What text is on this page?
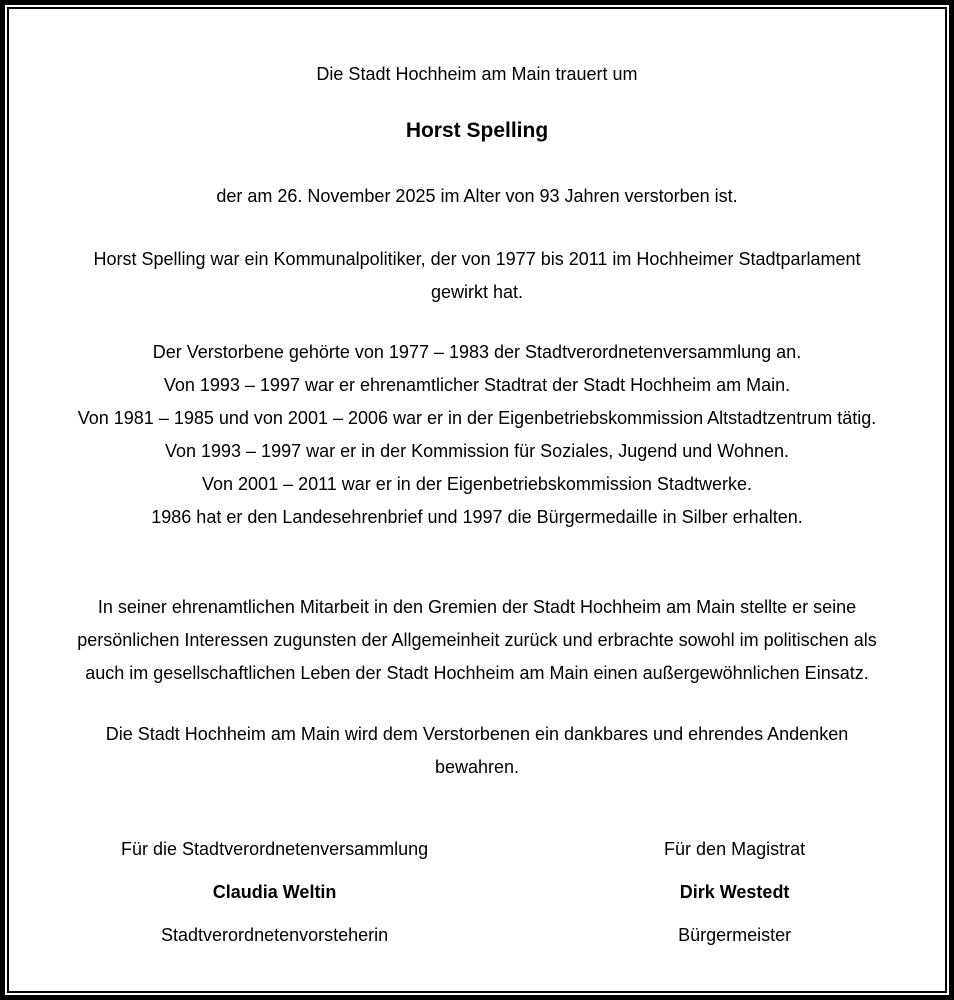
Die Stadt Hochheim am Main trauert um

Horst Spelling

der am 26. November 2025 im Alter von 93 Jahren verstorben ist.

Horst Spelling war ein Kommunalpolitiker, der von 1977 bis 2011 im Hochheimer Stadtparlament

gewirkt hat.

Der Verstorbene gehörte von 1977 – 1983 der Stadtverordnetenversammlung an.

Von 1993 – 1997 war er ehrenamtlicher Stadtrat der Stadt Hochheim am Main.

Von 1981 – 1985 und von 2001 – 2006 war er in der Eigenbetriebskommission Altstadtzentrum tätig.

Von 1993 – 1997 war er in der Kommission für Soziales, Jugend und Wohnen.

Von 2001 – 2011 war er in der Eigenbetriebskommission Stadtwerke.

1986 hat er den Landesehrenbrief und 1997 die Bürgermedaille in Silber erhalten.

In seiner ehrenamtlichen Mitarbeit in den Gremien der Stadt Hochheim am Main stellte er seine

persönlichen Interessen zugunsten der Allgemeinheit zurück und erbrachte sowohl im politischen als

auch im gesellschaftlichen Leben der Stadt Hochheim am Main einen außergewöhnlichen Einsatz.

Die Stadt Hochheim am Main wird dem Verstorbenen ein dankbares und ehrendes Andenken

bewahren.

Für die Stadtverordnetenversammlung

Claudia Weltin

Stadtverordnetenvorsteherin

Für den Magistrat

Dirk Westedt

Bürgermeister
